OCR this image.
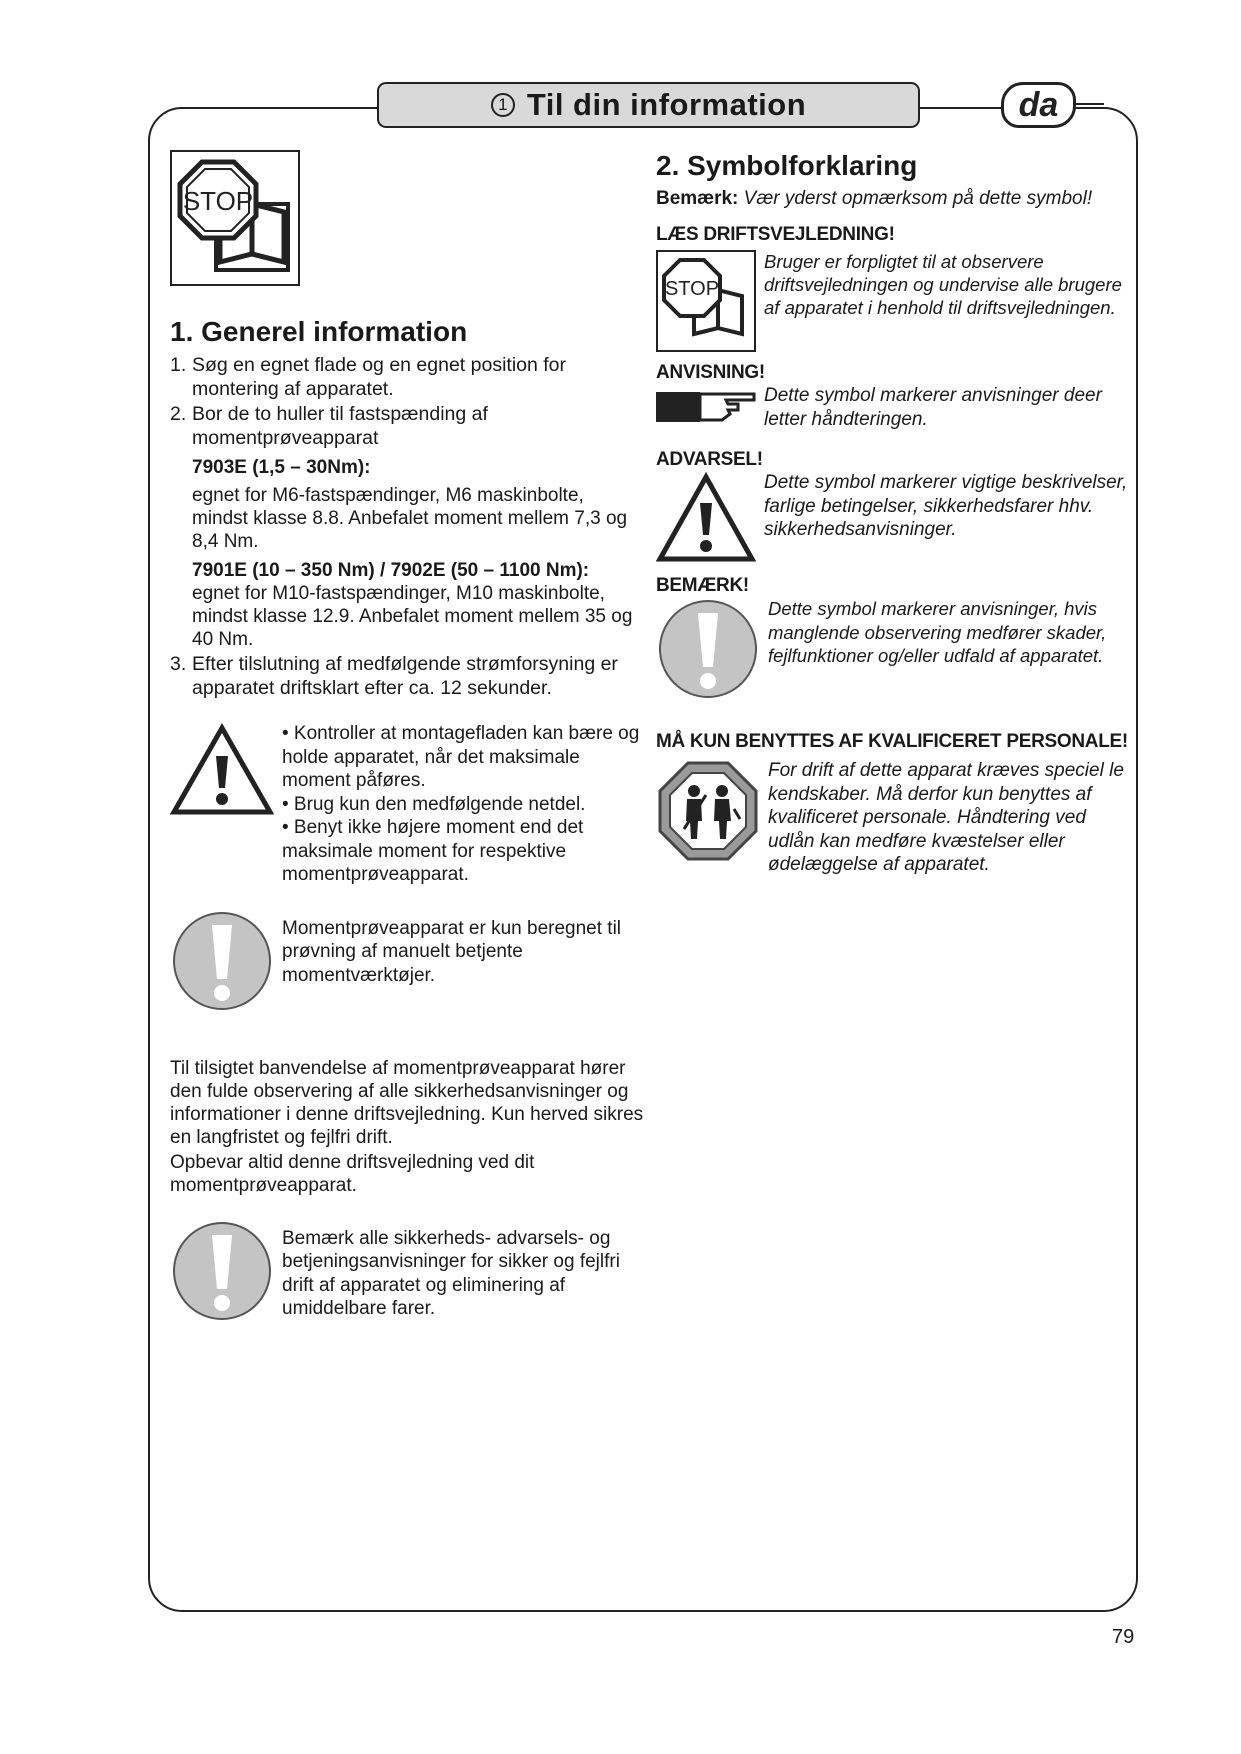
1 Til din information	da
STOP
1. Generel information
1. Søg en egnet flade og en egnet position for montering af apparatet.
2. Bor de to huller til fastspænding af momentprøveapparat
7903E (1,5 – 30Nm):
egnet for M6-fastspændinger, M6 maskinbolte, mindst klasse 8.8. Anbefalet moment mellem 7,3 og 8,4 Nm.
7901E (10 – 350 Nm) / 7902E (50 – 1100 Nm):
egnet for M10-fastspændinger, M10 maskinbolte, mindst klasse 12.9. Anbefalet moment mellem 35 og 40 Nm.
3. Efter tilslutning af medfølgende strømforsyning er apparatet driftsklart efter ca. 12 sekunder.
• Kontroller at montagefladen kan bære og holde apparatet, når det maksimale moment påføres.
• Brug kun den medfølgende netdel.
• Benyt ikke højere moment end det maksimale moment for respektive momentprøveapparat.
Momentprøveapparat er kun beregnet til prøvning af manuelt betjente momentværktøjer.
Til tilsigtet banvendelse af momentprøveapparat hører den fulde observering af alle sikkerhedsanvisninger og informationer i denne driftsvejledning. Kun herved sikres en langfristet og fejlfri drift.
Opbevar altid denne driftsvejledning ved dit momentprøveapparat.
Bemærk alle sikkerheds- advarsels- og betjeningsanvisninger for sikker og fejlfri drift af apparatet og eliminering af umiddelbare farer.
2. Symbolforklaring
Bemærk: Vær yderst opmærksom på dette symbol!
LÆS DRIFTSVEJLEDNING!
STOP
Bruger er forpligtet til at observere driftsvejledningen og undervise alle brugere af apparatet i henhold til driftsvejledningen.
ANVISNING!
Dette symbol markerer anvisninger deer letter håndteringen.
ADVARSEL!
Dette symbol markerer vigtige beskrivelser, farlige betingelser, sikkerhedsfarer hhv. sikkerhedsanvisninger.
BEMÆRK!
Dette symbol markerer anvisninger, hvis manglende observering medfører skader, fejlfunktioner og/eller udfald af apparatet.
MÅ KUN BENYTTES AF KVALIFICERET PERSONALE!
For drift af dette apparat kræves speciel le kendskaber. Må derfor kun benyttes af kvalificeret personale. Håndtering ved udlån kan medføre kvæstelser eller ødelæggelse af apparatet.
79
